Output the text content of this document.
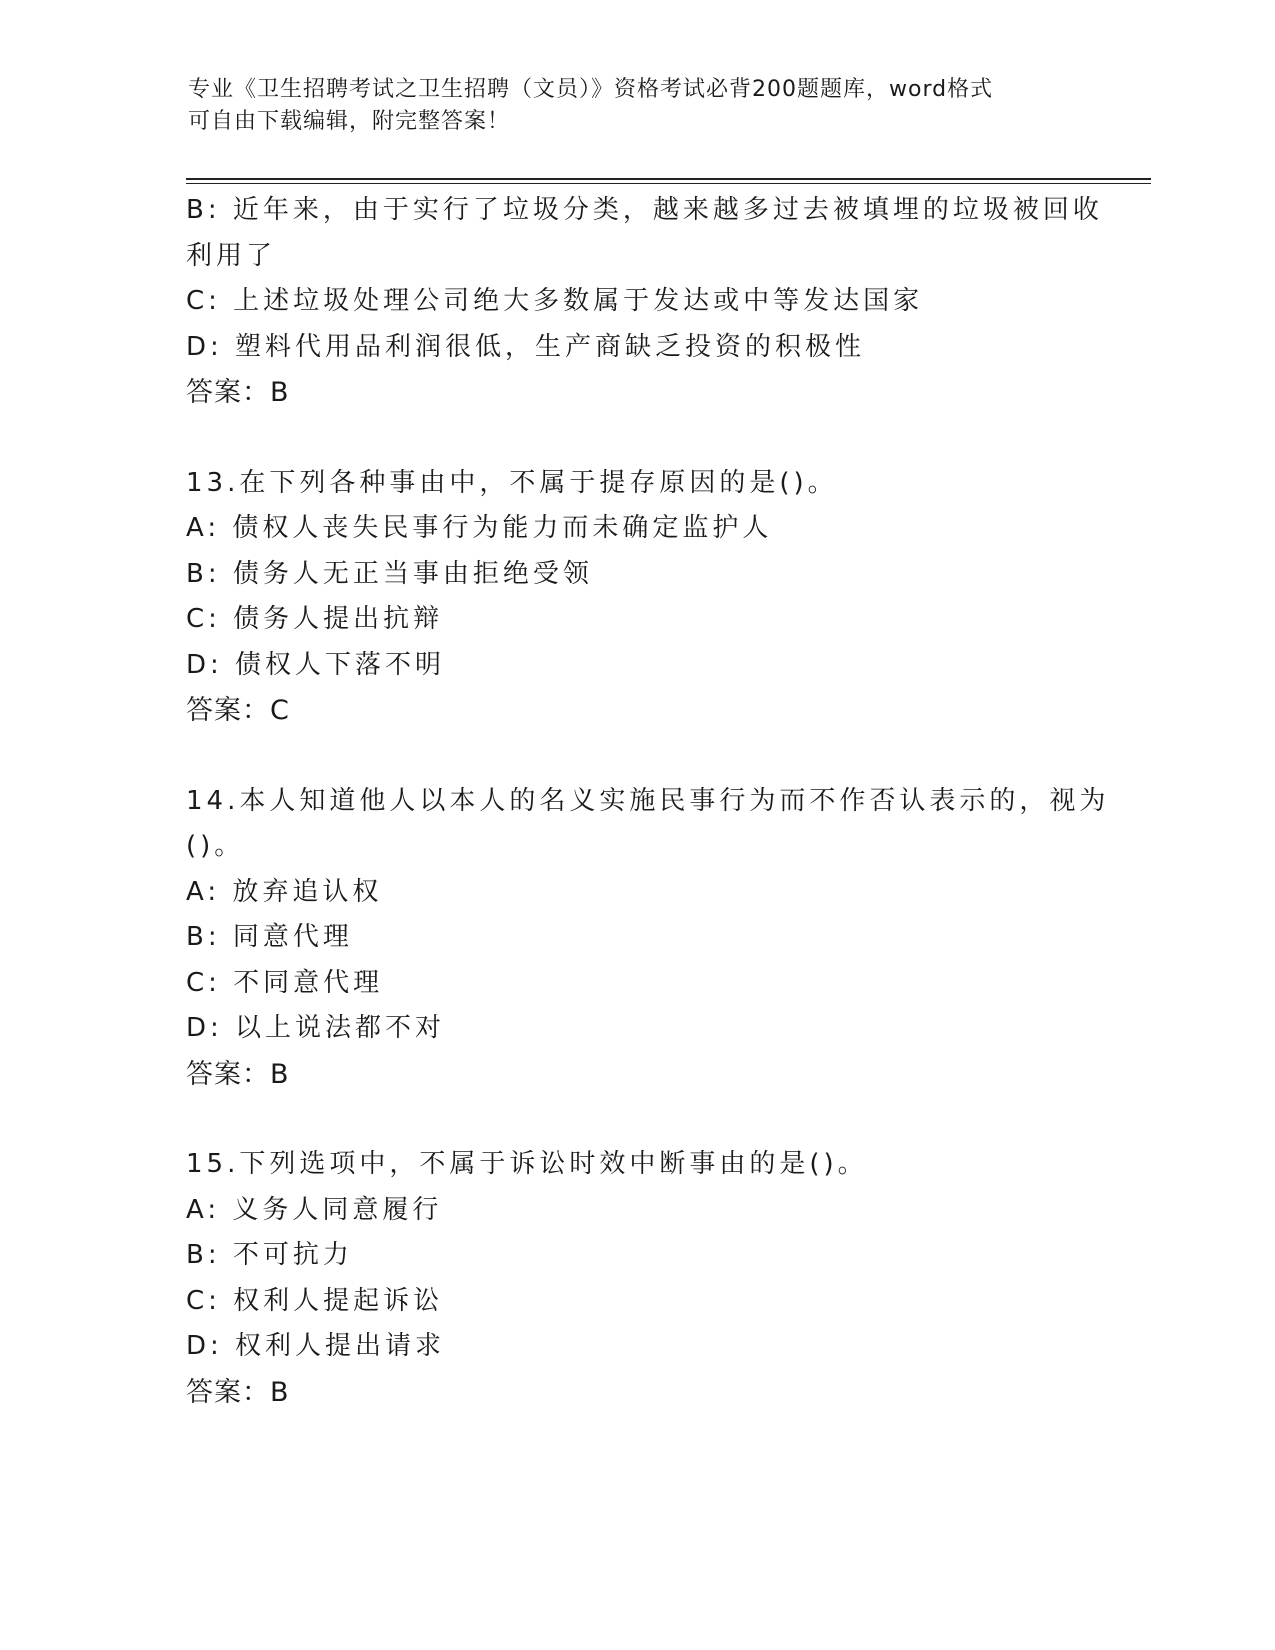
专业《卫生招聘考试之卫生招聘（文员）》资格考试必背200题题库，word格式
可自由下载编辑，附完整答案！
B: 近年来，由于实行了垃圾分类，越来越多过去被填埋的垃圾被回收
利用了
C: 上述垃圾处理公司绝大多数属于发达或中等发达国家
D: 塑料代用品利润很低，生产商缺乏投资的积极性
答案：B
13.在下列各种事由中，不属于提存原因的是()。
A: 债权人丧失民事行为能力而未确定监护人
B: 债务人无正当事由拒绝受领
C: 债务人提出抗辩
D: 债权人下落不明
答案：C
14.本人知道他人以本人的名义实施民事行为而不作否认表示的，视为
()。
A: 放弃追认权
B: 同意代理
C: 不同意代理
D: 以上说法都不对
答案：B
15.下列选项中，不属于诉讼时效中断事由的是()。
A: 义务人同意履行
B: 不可抗力
C: 权利人提起诉讼
D: 权利人提出请求
答案：B
